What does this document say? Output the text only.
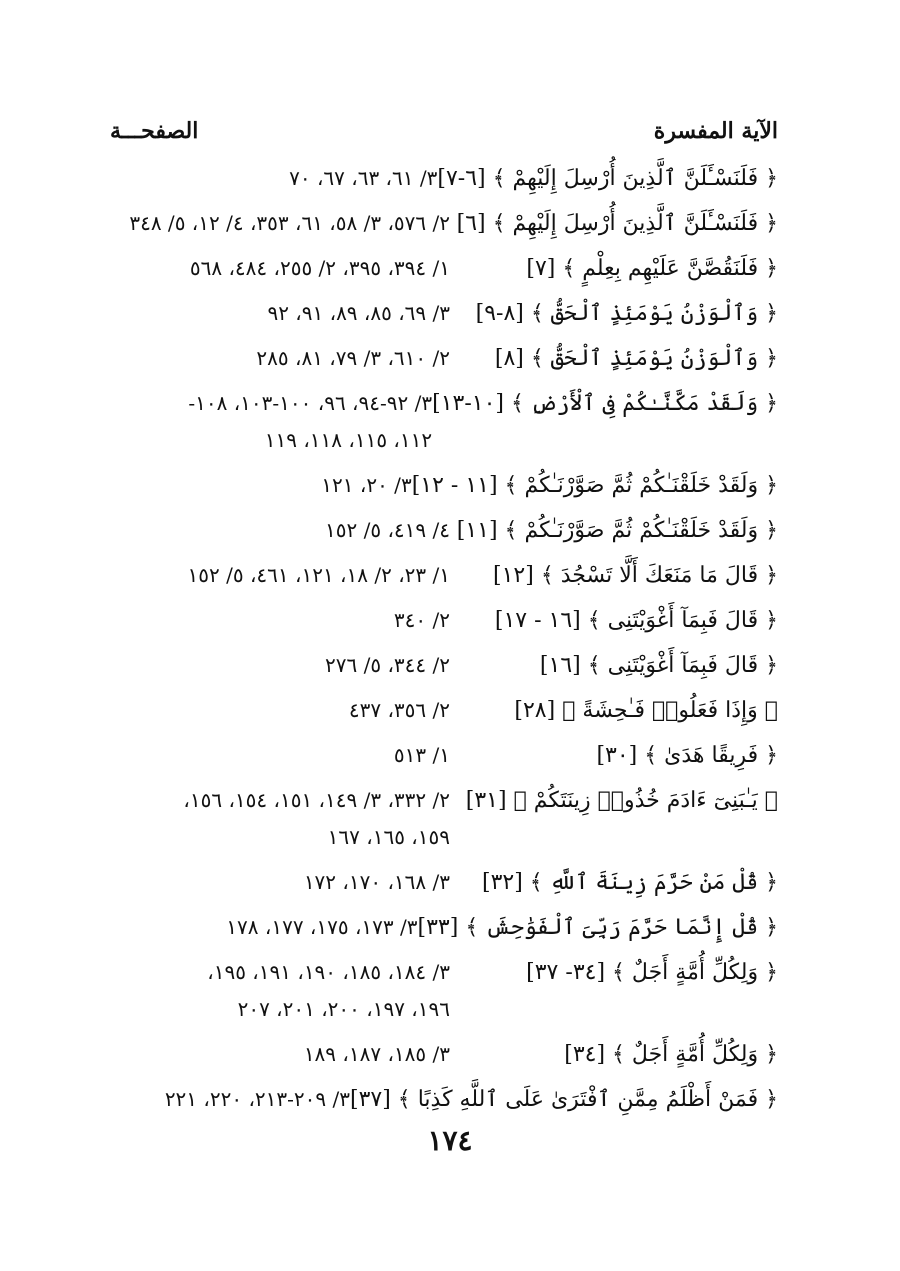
الآية المفسرة
الصفحـــة
﴿ فَلَنَسْـَٔلَنَّ ٱلَّذِينَ أُرْسِلَ إِلَيْهِمْ ﴾ [٦-٧]
٣/ ٦١، ٦٣، ٦٧، ٧٠
﴿ فَلَنَسْـَٔلَنَّ ٱلَّذِينَ أُرْسِلَ إِلَيْهِمْ ﴾ [٦]
٢/ ٥٧٦، ٣/ ٥٨، ٦١، ٣٥٣، ٤/ ١٢، ٥/ ٣٤٨
﴿ فَلَنَقُصَّنَّ عَلَيْهِم بِعِلْمٍ ﴾ [٧]
١/ ٣٩٤، ٣٩٥، ٢/ ٢٥٥، ٤٨٤، ٥٦٨
﴿ وَٱلْوَزْنُ يَوْمَئِذٍ ٱلْحَقُّ ﴾ [٨-٩]
٣/ ٦٩، ٨٥، ٨٩، ٩١، ٩٢
﴿ وَٱلْوَزْنُ يَوْمَئِذٍ ٱلْحَقُّ ﴾ [٨]
٢/ ٦١٠، ٣/ ٧٩، ٨١، ٢٨٥
﴿ وَلَقَدْ مَكَّنَّـٰكُمْ فِى ٱلْأَرْضِ ﴾ [١٠-١٣]
٣/ ٩٢-٩٤، ٩٦، ١٠٠-١٠٣، ١٠٨-
١١٢، ١١٥، ١١٨، ١١٩
﴿ وَلَقَدْ خَلَقْنَـٰكُمْ ثُمَّ صَوَّرْنَـٰكُمْ ﴾ [١١ - ١٢]
٣/ ٢٠، ١٢١
﴿ وَلَقَدْ خَلَقْنَـٰكُمْ ثُمَّ صَوَّرْنَـٰكُمْ ﴾ [١١]
٤/ ٤١٩، ٥/ ١٥٢
﴿ قَالَ مَا مَنَعَكَ أَلَّا تَسْجُدَ ﴾ [١٢]
١/ ٢٣، ٢/ ١٨، ١٢١، ٤٦١، ٥/ ١٥٢
﴿ قَالَ فَبِمَآ أَغْوَيْتَنِى ﴾ [١٦ - ١٧]
٢/ ٣٤٠
﴿ قَالَ فَبِمَآ أَغْوَيْتَنِى ﴾ [١٦]
٢/ ٣٤٤، ٥/ ٢٧٦
﴿ وَإِذَا فَعَلُوا۟ فَـٰحِشَةً ﴾ [٢٨]
٢/ ٣٥٦، ٤٣٧
﴿ فَرِيقًا هَدَىٰ ﴾ [٣٠]
١/ ٥١٣
﴿ يَـٰبَنِىٓ ءَادَمَ خُذُوا۟ زِينَتَكُمْ ﴾ [٣١]
٢/ ٣٣٢، ٣/ ١٤٩، ١٥١، ١٥٤، ١٥٦،
١٥٩، ١٦٥، ١٦٧
﴿ قُلْ مَنْ حَرَّمَ زِينَةَ ٱللَّهِ ﴾ [٣٢]
٣/ ١٦٨، ١٧٠، ١٧٢
﴿ قُلْ إِنَّمَا حَرَّمَ رَبِّىَ ٱلْفَوَٰحِشَ ﴾ [٣٣]
٣/ ١٧٣، ١٧٥، ١٧٧، ١٧٨
﴿ وَلِكُلِّ أُمَّةٍ أَجَلٌ ﴾ [٣٤- ٣٧]
٣/ ١٨٤، ١٨٥، ١٩٠، ١٩١، ١٩٥،
١٩٦، ١٩٧، ٢٠٠، ٢٠١، ٢٠٧
﴿ وَلِكُلِّ أُمَّةٍ أَجَلٌ ﴾ [٣٤]
٣/ ١٨٥، ١٨٧، ١٨٩
﴿ فَمَنْ أَظْلَمُ مِمَّنِ ٱفْتَرَىٰ عَلَى ٱللَّهِ كَذِبًا ﴾ [٣٧]
٣/ ٢٠٩-٢١٣، ٢٢٠، ٢٢١
١٧٤
